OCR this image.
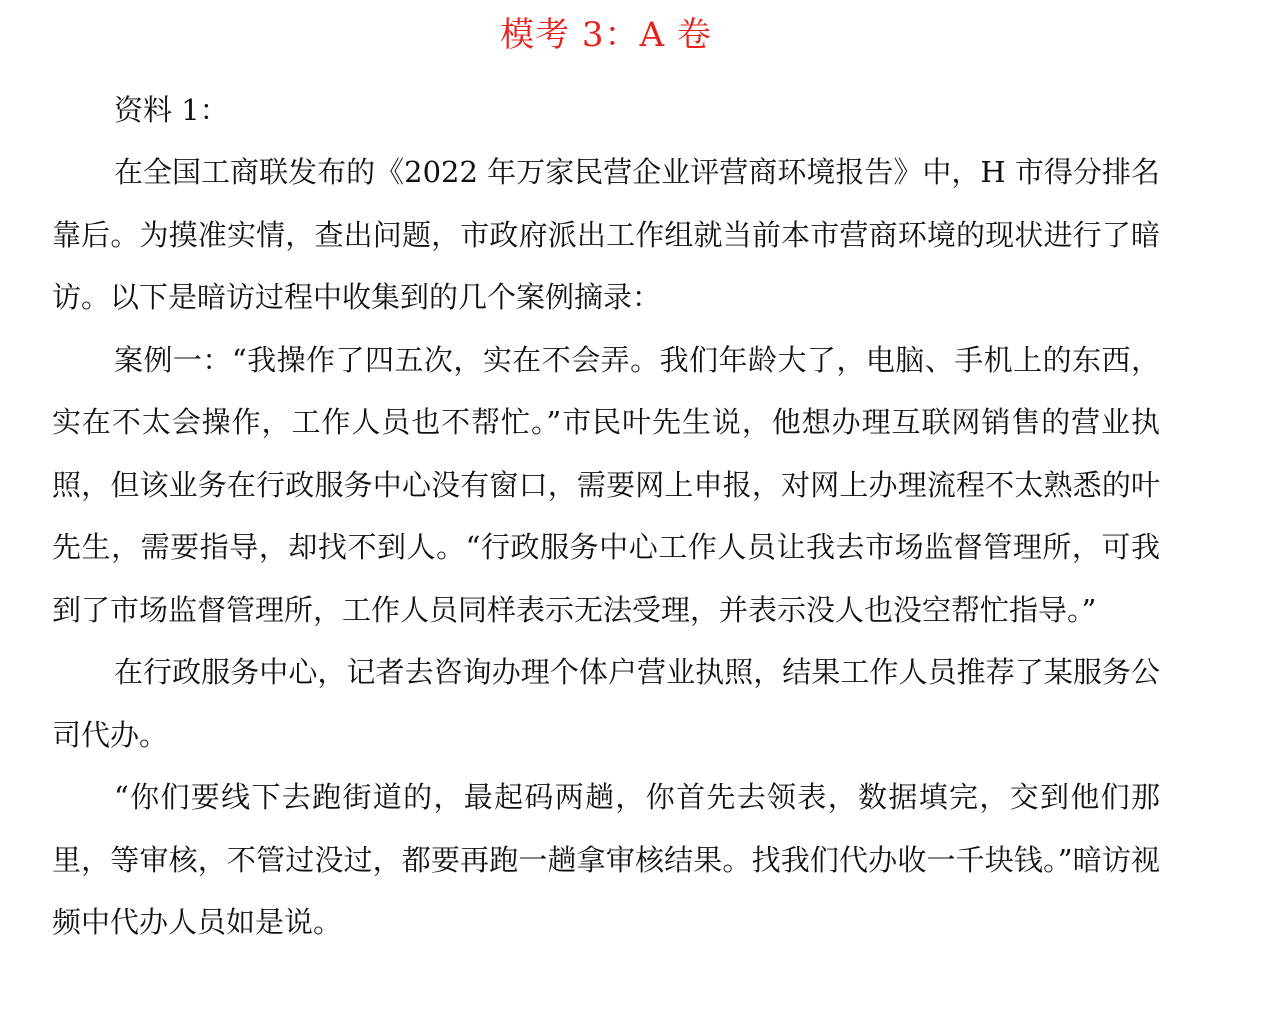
模考 3：A 卷

资料 1：

在全国工商联发布的《2022 年万家民营企业评营商环境报告》中，H 市得分排名靠后。为摸准实情，查出问题，市政府派出工作组就当前本市营商环境的现状进行了暗访。以下是暗访过程中收集到的几个案例摘录：

案例一：“我操作了四五次，实在不会弄。我们年龄大了，电脑、手机上的东西，实在不太会操作，工作人员也不帮忙。”市民叶先生说，他想办理互联网销售的营业执照，但该业务在行政服务中心没有窗口，需要网上申报，对网上办理流程不太熟悉的叶先生，需要指导，却找不到人。“行政服务中心工作人员让我去市场监督管理所，可我到了市场监督管理所，工作人员同样表示无法受理，并表示没人也没空帮忙指导。”

在行政服务中心，记者去咨询办理个体户营业执照，结果工作人员推荐了某服务公司代办。

“你们要线下去跑街道的，最起码两趟，你首先去领表，数据填完，交到他们那里，等审核，不管过没过，都要再跑一趟拿审核结果。找我们代办收一千块钱。”暗访视频中代办人员如是说。
